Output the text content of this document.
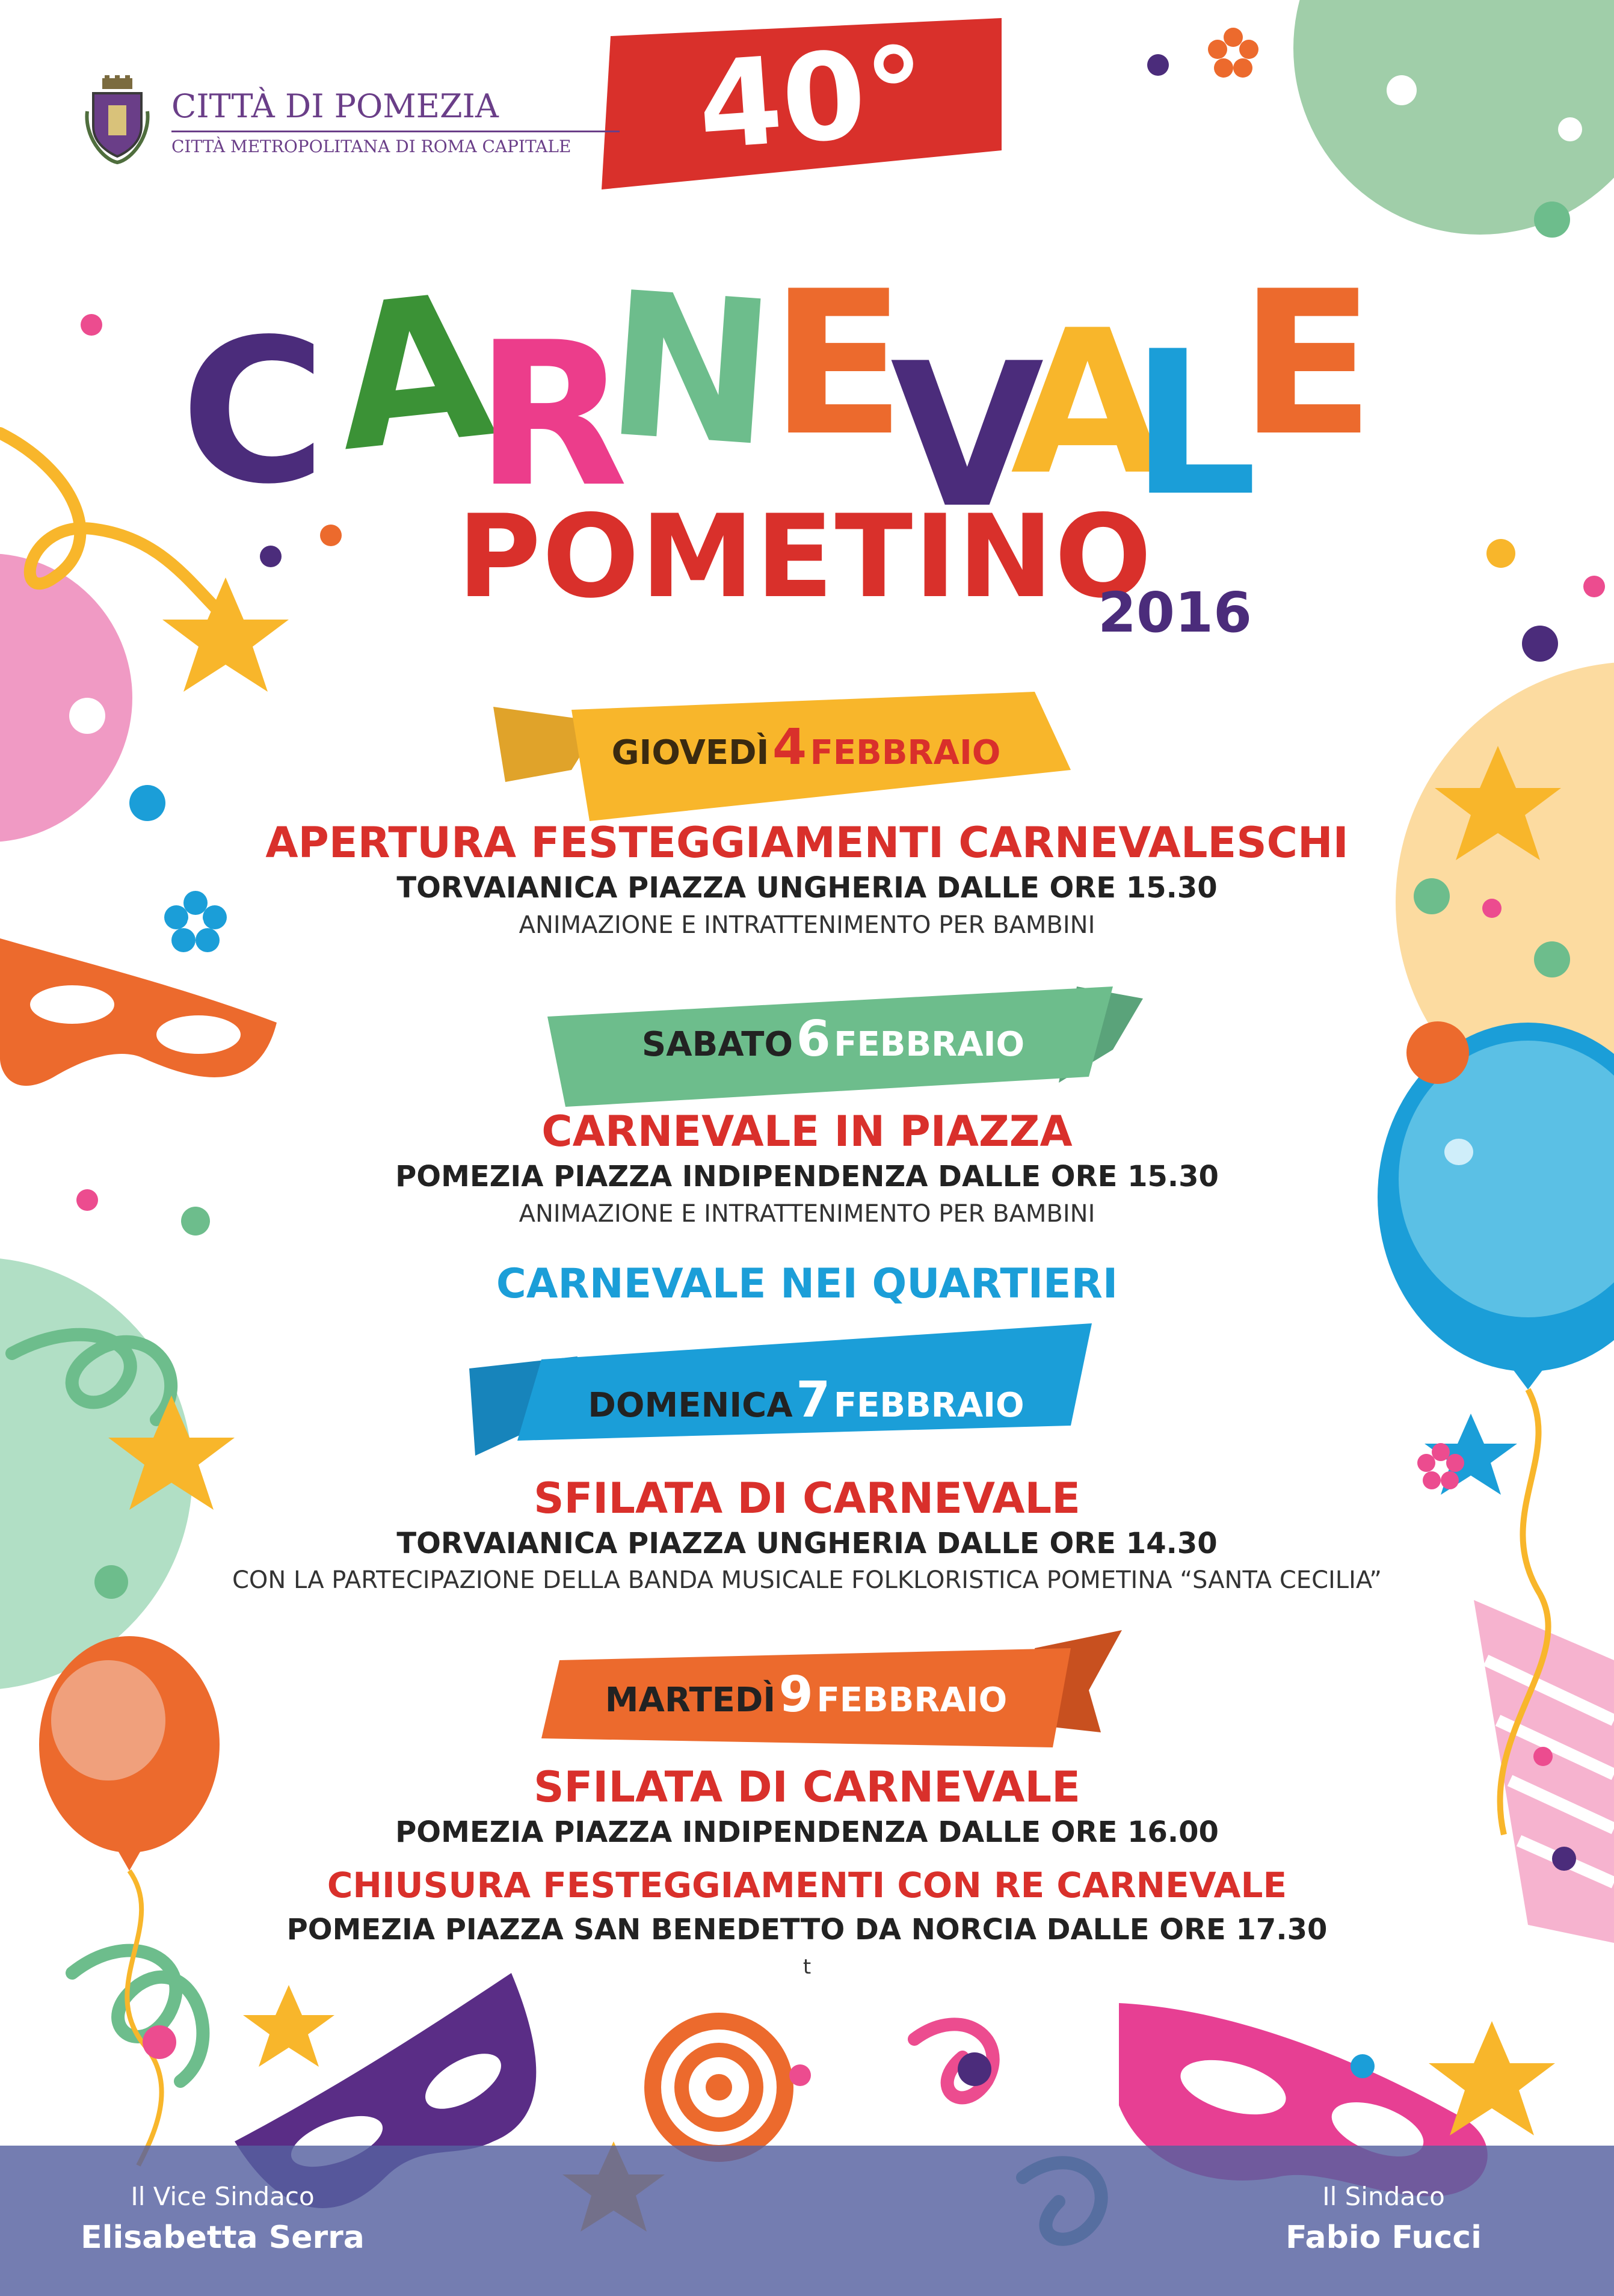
CITTÀ DI POMEZIA
CITTÀ METROPOLITANA DI ROMA CAPITALE	40°
C
A
R
N
E
V
A
L
E
POMETINO
2016
GIOVEDÌ 4 FEBBRAIO
APERTURA FESTEGGIAMENTI CARNEVALESCHI
TORVAIANICA PIAZZA UNGHERIA DALLE ORE 15.30
ANIMAZIONE E INTRATTENIMENTO PER BAMBINI
SABATO 6 FEBBRAIO
CARNEVALE IN PIAZZA
POMEZIA PIAZZA INDIPENDENZA DALLE ORE 15.30
ANIMAZIONE E INTRATTENIMENTO PER BAMBINI
CARNEVALE NEI QUARTIERI
DOMENICA 7 FEBBRAIO
SFILATA DI CARNEVALE
TORVAIANICA PIAZZA UNGHERIA DALLE ORE 14.30
CON LA PARTECIPAZIONE DELLA BANDA MUSICALE FOLKLORISTICA POMETINA “SANTA CECILIA”
MARTEDÌ 9 FEBBRAIO
SFILATA DI CARNEVALE
POMEZIA PIAZZA INDIPENDENZA DALLE ORE 16.00
CHIUSURA FESTEGGIAMENTI CON RE CARNEVALE
POMEZIA PIAZZA SAN BENEDETTO DA NORCIA DALLE ORE 17.30
t
Il Vice Sindaco
Elisabetta Serra
Il Sindaco
Fabio Fucci
